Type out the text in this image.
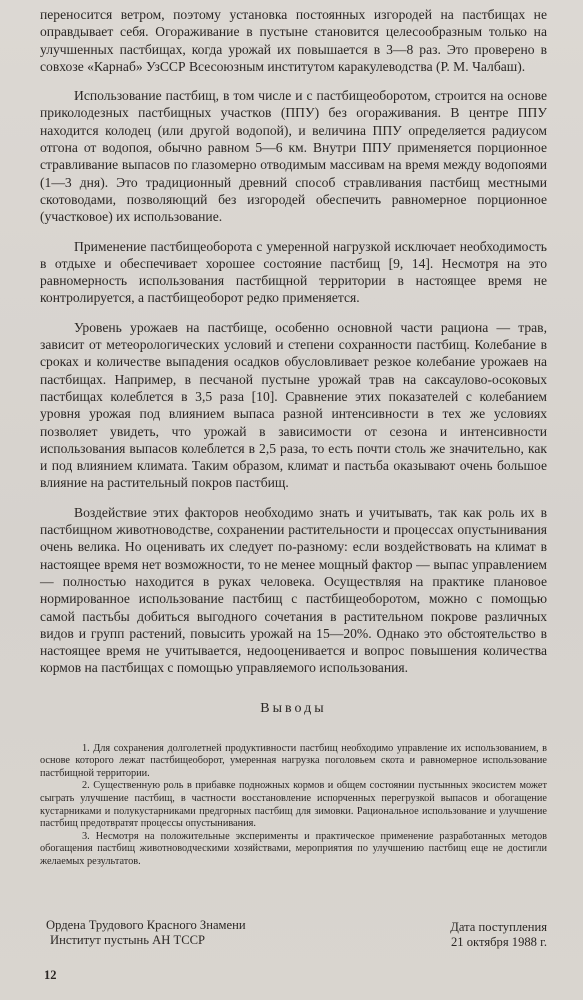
переносится ветром, поэтому установка постоянных изгородей на пастбищах не оправдывает себя. Огораживание в пустыне становится целесообразным только на улучшенных пастбищах, когда урожай их повышается в 3—8 раз. Это проверено в совхозе «Карнаб» УзССР Всесоюзным институтом каракулеводства (Р. М. Чалбаш).

Использование пастбищ, в том числе и с пастбищеоборотом, строится на основе приколодезных пастбищных участков (ППУ) без огораживания. В центре ППУ находится колодец (или другой водопой), и величина ППУ определяется радиусом отгона от водопоя, обычно равном 5—6 км. Внутри ППУ применяется порционное стравливание выпасов по глазомерно отводимым массивам на время между водопоями (1—3 дня). Это традиционный древний способ стравливания пастбищ местными скотоводами, позволяющий без изгородей обеспечить равномерное порционное (участковое) их использование.

Применение пастбищеоборота с умеренной нагрузкой исключает необходимость в отдыхе и обеспечивает хорошее состояние пастбищ [9, 14]. Несмотря на это равномерность использования пастбищной территории в настоящее время не контролируется, а пастбищеоборот редко применяется.

Уровень урожаев на пастбище, особенно основной части рациона — трав, зависит от метеорологических условий и степени сохранности пастбищ. Колебание в сроках и количестве выпадения осадков обусловливает резкое колебание урожаев на пастбищах. Например, в песчаной пустыне урожай трав на саксаулово-осоковых пастбищах колеблется в 3,5 раза [10]. Сравнение этих показателей с колебанием уровня урожая под влиянием выпаса разной интенсивности в тех же условиях позволяет увидеть, что урожай в зависимости от сезона и интенсивности использования выпасов колеблется в 2,5 раза, то есть почти столь же значительно, как и под влиянием климата. Таким образом, климат и пастьба оказывают очень большое влияние на растительный покров пастбищ.

Воздействие этих факторов необходимо знать и учитывать, так как роль их в пастбищном животноводстве, сохранении растительности и процессах опустынивания очень велика. Но оценивать их следует по-разному: если воздействовать на климат в настоящее время нет возможности, то не менее мощный фактор — выпас управлением — полностью находится в руках человека. Осуществляя на практике плановое нормированное использование пастбищ с пастбищеоборотом, можно с помощью самой пастьбы добиться выгодного сочетания в растительном покрове различных видов и групп растений, повысить урожай на 15—20%. Однако это обстоятельство в настоящее время не учитывается, недооценивается и вопрос повышения количества кормов на пастбищах с помощью управляемого использования.

Выводы

1. Для сохранения долголетней продуктивности пастбищ необходимо управление их использованием, в основе которого лежат пастбищеоборот, умеренная нагрузка поголовьем скота и равномерное использование пастбищной территории.

2. Существенную роль в прибавке подножных кормов и общем состоянии пустынных экосистем может сыграть улучшение пастбищ, в частности восстановление испорченных перегрузкой выпасов и обогащение кустарниками и полукустарниками предгорных пастбищ для зимовки. Рациональное использование и улучшение пастбищ предотвратят процессы опустынивания.

3. Несмотря на положительные эксперименты и практическое применение разработанных методов обогащения пастбищ животноводческими хозяйствами, мероприятия по улучшению пастбищ еще не достигли желаемых результатов.

Ордена Трудового Красного Знамени
Институт пустынь АН ТССР
Дата поступления
21 октября 1988 г.
12
